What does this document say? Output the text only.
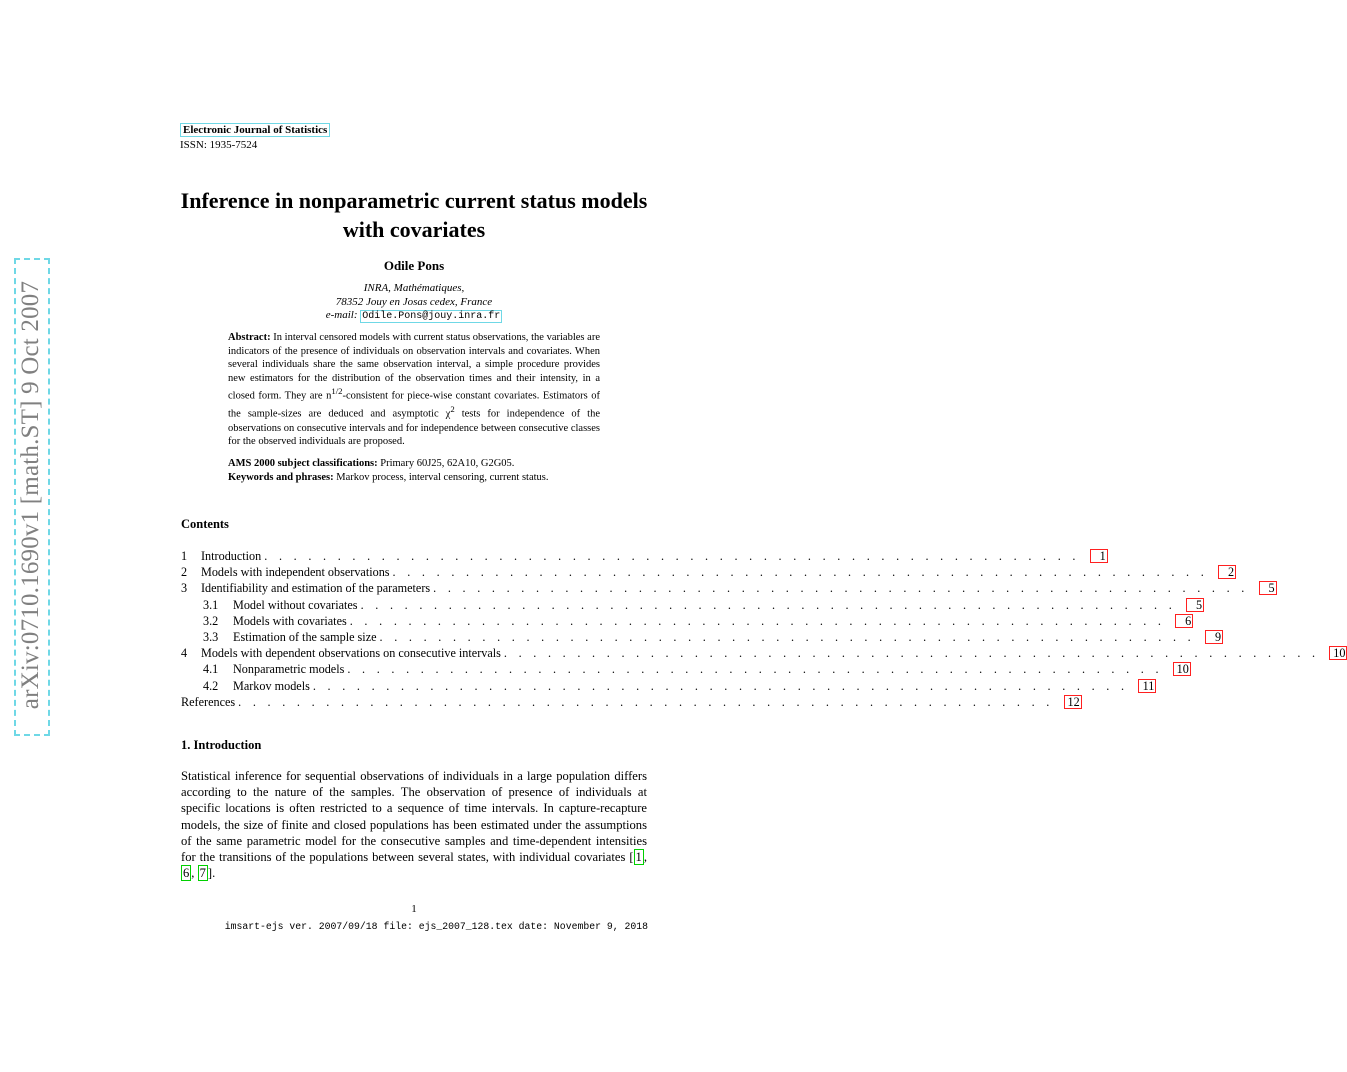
arXiv:0710.1690v1 [math.ST] 9 Oct 2007
Electronic Journal of Statistics
ISSN: 1935-7524
Inference in nonparametric current status models with covariates
Odile Pons
INRA, Mathématiques,
78352 Jouy en Josas cedex, France
e-mail: Odile.Pons@jouy.inra.fr
Abstract: In interval censored models with current status observations, the variables are indicators of the presence of individuals on observation intervals and covariates. When several individuals share the same observation interval, a simple procedure provides new estimators for the distribution of the observation times and their intensity, in a closed form. They are $n^{1/2}$-consistent for piece-wise constant covariates. Estimators of the sample-sizes are deduced and asymptotic $\chi^2$ tests for independence of the observations on consecutive intervals and for independence between consecutive classes for the observed individuals are proposed.
AMS 2000 subject classifications: Primary 60J25, 62A10, G2G05.
Keywords and phrases: Markov process, interval censoring, current status.
Contents
1	Introduction . . . . . . . . . . . . . . . . . . . . . . . . . . . . . . . . . . . . . . . . . . . . . . . . . . . . . . . .	1
2	Models with independent observations . . . . . . . . . . . . . . . . . . . . . . . . . . . . . . . . . . . . . . . . . . . . . . . . . . . . . . . .	2
3	Identifiability and estimation of the parameters . . . . . . . . . . . . . . . . . . . . . . . . . . . . . . . . . . . . . . . . . . . . . . . . . . . . . . . .	5
3.1	Model without covariates . . . . . . . . . . . . . . . . . . . . . . . . . . . . . . . . . . . . . . . . . . . . . . . . . . . . . . . .	5
3.2	Models with covariates . . . . . . . . . . . . . . . . . . . . . . . . . . . . . . . . . . . . . . . . . . . . . . . . . . . . . . . .	6
3.3	Estimation of the sample size . . . . . . . . . . . . . . . . . . . . . . . . . . . . . . . . . . . . . . . . . . . . . . . . . . . . . . . .	9
4	Models with dependent observations on consecutive intervals . . . . . . . . . . . . . . . . . . . . . . . . . . . . . . . . . . . . . . . . . . . . . . . . . . . . . . . .	10
4.1	Nonparametric models . . . . . . . . . . . . . . . . . . . . . . . . . . . . . . . . . . . . . . . . . . . . . . . . . . . . . . . .	10
4.2	Markov models . . . . . . . . . . . . . . . . . . . . . . . . . . . . . . . . . . . . . . . . . . . . . . . . . . . . . . . .	11
References . . . . . . . . . . . . . . . . . . . . . . . . . . . . . . . . . . . . . . . . . . . . . . . . . . . . . . . .	12
1. Introduction
Statistical inference for sequential observations of individuals in a large population differs according to the nature of the samples. The observation of presence of individuals at specific locations is often restricted to a sequence of time intervals. In capture-recapture models, the size of finite and closed populations has been estimated under the assumptions of the same parametric model for the consecutive samples and time-dependent intensities for the transitions of the populations between several states, with individual covariates [ 1 , 6 , 7 ].
1
imsart-ejs ver. 2007/09/18 file: ejs_2007_128.tex date: November 9, 2018
